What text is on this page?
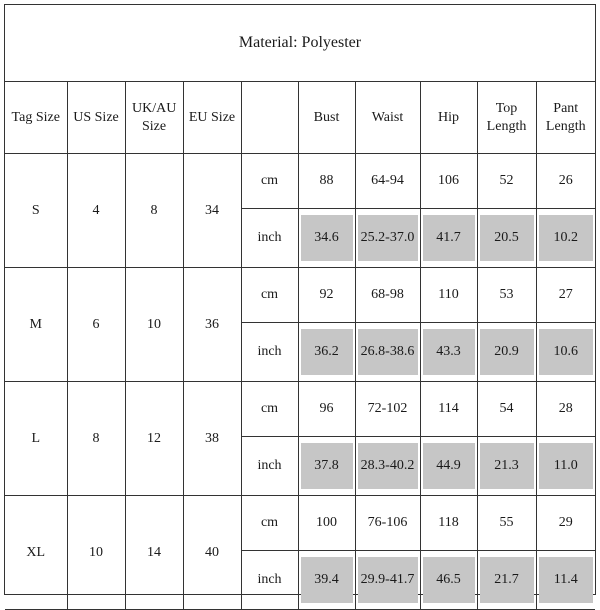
Material: Polyester
Tag Size	US Size	UK/AU Size	EU Size		Bust	Waist	Hip	Top Length	Pant Length
S	4	8	34	cm	88	64-94	106	52	26
				inch	34.6	25.2-37.0	41.7	20.5	10.2
M	6	10	36	cm	92	68-98	110	53	27
				inch	36.2	26.8-38.6	43.3	20.9	10.6
L	8	12	38	cm	96	72-102	114	54	28
				inch	37.8	28.3-40.2	44.9	21.3	11.0
XL	10	14	40	cm	100	76-106	118	55	29
				inch	39.4	29.9-41.7	46.5	21.7	11.4
